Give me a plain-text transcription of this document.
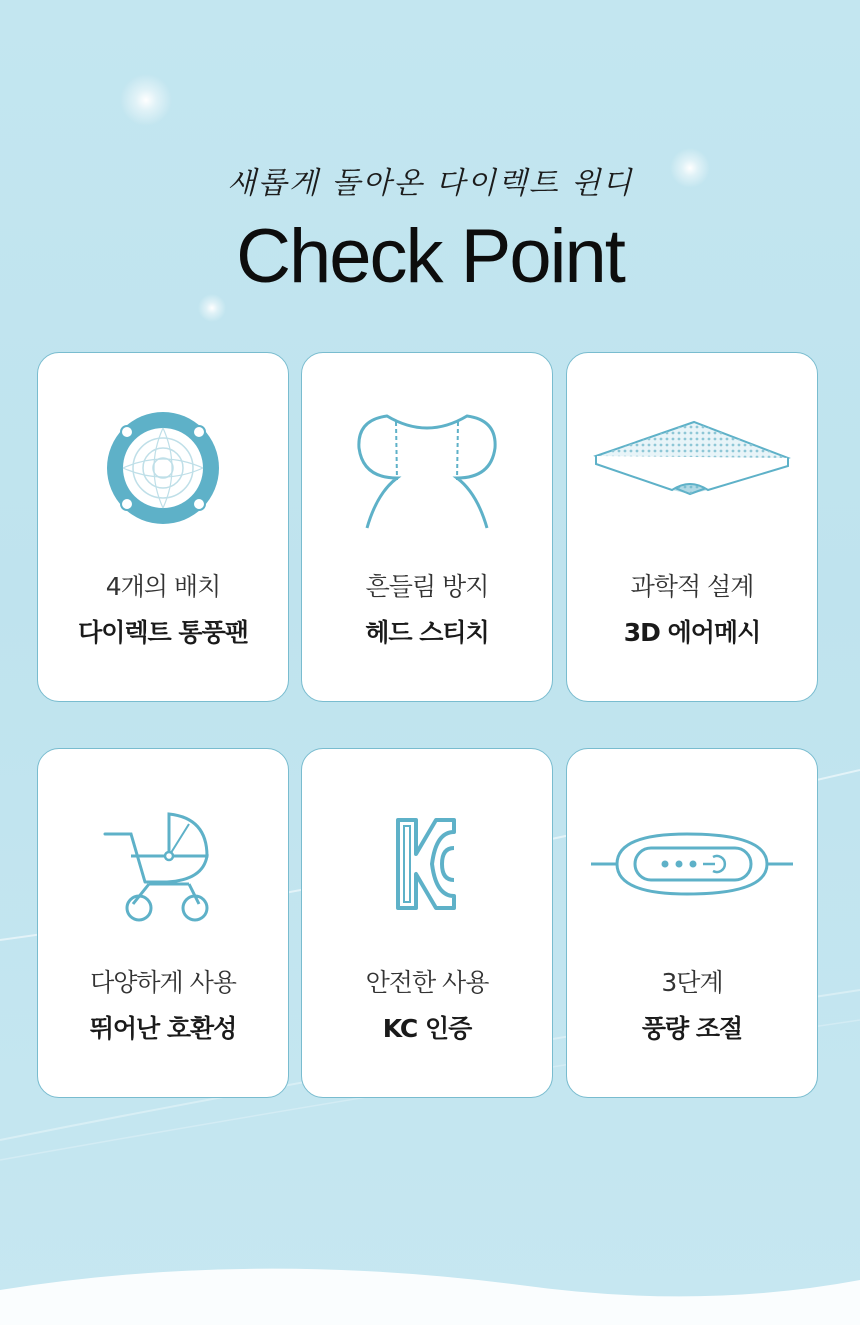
새롭게 돌아온 다이렉트 윈디
Check Point
4개의 배치
다이렉트 통풍팬
흔들림 방지
헤드 스티치
과학적 설계
3D 에어메시
다양하게 사용
뛰어난 호환성
안전한 사용
KC 인증
3단계
풍량 조절
